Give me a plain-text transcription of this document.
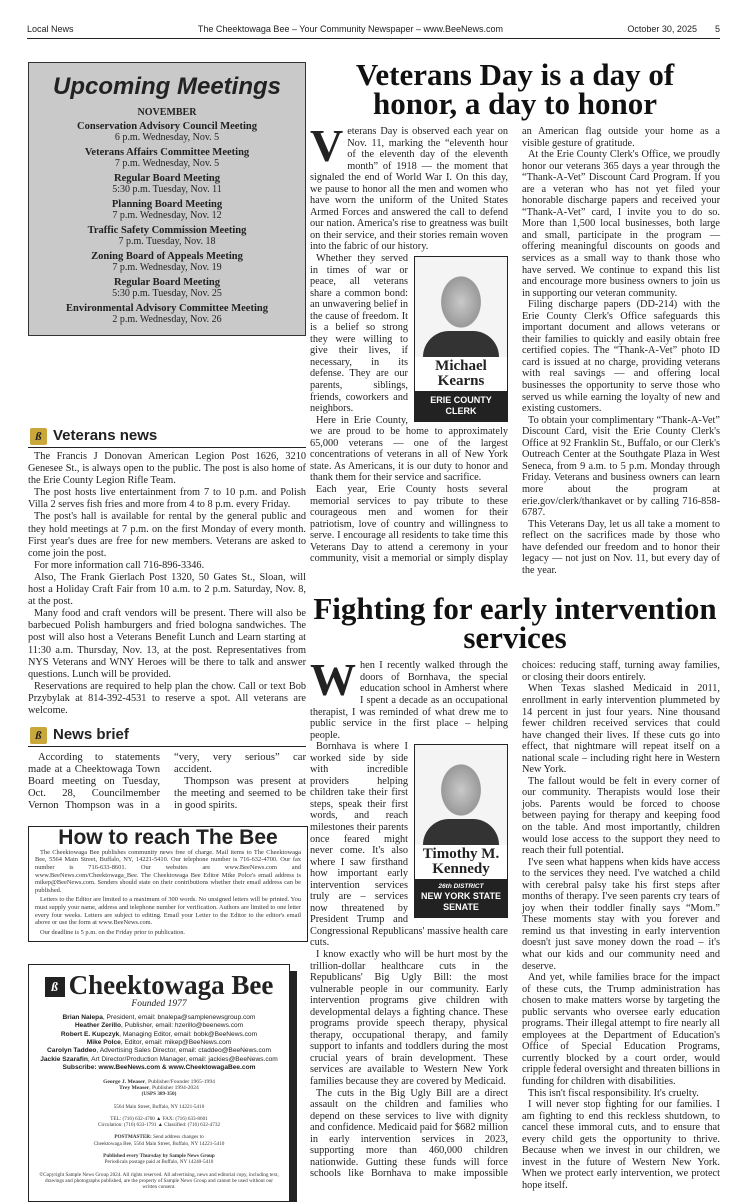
Local News	The Cheektowaga Bee – Your Community Newspaper – www.BeeNews.com	October 30, 2025 5
Upcoming Meetings
NOVEMBER
Conservation Advisory Council Meeting
6 p.m. Wednesday, Nov. 5
Veterans Affairs Committee Meeting
7 p.m. Wednesday, Nov. 5
Regular Board Meeting
5:30 p.m. Tuesday, Nov. 11
Planning Board Meeting
7 p.m. Wednesday, Nov. 12
Traffic Safety Commission Meeting
7 p.m. Tuesday, Nov. 18
Zoning Board of Appeals Meeting
7 p.m. Wednesday, Nov. 19
Regular Board Meeting
5:30 p.m. Tuesday, Nov. 25
Environmental Advisory Committee Meeting
2 p.m. Wednesday, Nov. 26
ß Veterans news

The Francis J Donovan American Legion Post 1626, 3210 Genesee St., is always open to the public. The post is also home of the Erie County Legion Rifle Team.

The post hosts live entertainment from 7 to 10 p.m. and Polish Villa 2 serves fish fries and more from 4 to 8 p.m. every Friday.

The post's hall is available for rental by the general public and they hold meetings at 7 p.m. on the first Monday of every month. First year's dues are free for new members. Veterans are asked to come join the post.

For more information call 716-896-3346.

Also, The Frank Gierlach Post 1320, 50 Gates St., Sloan, will host a Holiday Craft Fair from 10 a.m. to 2 p.m. Saturday, Nov. 8, at the post.

Many food and craft vendors will be present. There will also be barbecued Polish hamburgers and fried bologna sandwiches. The post will also host a Veterans Benefit Lunch and Learn starting at 11:30 a.m. Thursday, Nov. 13, at the post. Representatives from NYS Veterans and WNY Heroes will be there to talk and answer questions. Lunch will be provided.

Reservations are required to help plan the chow. Call or text Bob Przybylak at 814-392-4531 to reserve a spot. All veterans are welcome.

ß News brief

According to statements made at a Cheektowaga Town Board meeting on Tuesday, Oct. 28, Councilmember Vernon Thompson was in a “very, very serious” car accident.

Thompson was present at the meeting and seemed to be in good spirits.

How to reach The Bee

The Cheektowaga Bee publishes community news free of charge. Mail items to The Cheektowaga Bee, 5564 Main Street, Buffalo, NY, 14221-5410. Our telephone number is 716-632-4700. Our fax number is 716-633-8601. Our websites are www.BeeNews.com and www.BeeNews.com/Cheektowaga_Bee. The Cheektowaga Bee Editor Mike Polce's email address is mikep@BeeNews.com. Senders should state on their contributions whether their email address can be published.

Letters to the Editor are limited to a maximum of 300 words. No unsigned letters will be printed. You must supply your name, address and telephone number for verification. Authors are limited to one letter every four weeks. Letters are subject to editing. Email your Letter to the Editor to the editor's email above or use the form at www.BeeNews.com.

Our deadline is 5 p.m. on the Friday prior to publication.

ß Cheektowaga Bee
Founded 1977
Brian Nalepa, President, email: bnalepa@samplenewsgroup.com
Heather Zerillo, Publisher, email: hzerillo@beenews.com
Robert E. Kupczyk, Managing Editor, email: bobk@BeeNews.com
Mike Polce, Editor, email: mikep@BeeNews.com
Carolyn Taddeo, Advertising Sales Director, email: ctaddeo@BeeNews.com
Jackie Szarafin, Art Director/Production Manager, email: jackies@BeeNews.com
Subscribe: www.BeeNews.com & www.CheektowagaBee.com
George J. Measer, Publisher/Founder 1965-1994
Trey Measer, Publisher 1994-2024
(USPS 389-350)
5564 Main Street, Buffalo, NY 14221-5410
TEL: (716) 632-4700 ▲ FAX: (716) 633-8601
Circulation: (716) 633-1791 ▲ Classified: (716) 632-4732
POSTMASTER: Send address changes to
Cheektowaga Bee, 5564 Main Street, Buffalo, NY 14221-5410
Published every Thursday by Sample News Group
Periodicals postage paid at Buffalo, NY 14240-5410
©Copyright Sample News Group 2024. All rights reserved. All advertising, news and editorial copy, including text, drawings and photographs published, are the property of Sample News Group and cannot be used without our written consent.
Veterans Day is a day of honor, a day to honor

Veterans Day is observed each year on Nov. 11, marking the “eleventh hour of the eleventh day of the eleventh month” of 1918 — the moment that signaled the end of World War I. On this day, we pause to honor all the men and women who have worn the uniform of the United States Armed Forces and answered the call to defend our nation. America's rise to greatness was built on their service, and their stories remain woven into the fabric of our history.

Michael Kearns
ERIE COUNTY CLERK

Whether they served in times of war or peace, all veterans share a common bond: an unwavering belief in the cause of freedom. It is a belief so strong they were willing to give their lives, if necessary, in its defense. They are our parents, siblings, friends, coworkers and neighbors.

Here in Erie County, we are proud to be home to approximately 65,000 veterans — one of the largest concentrations of veterans in all of New York state. As Americans, it is our duty to honor and thank them for their service and sacrifice.

Each year, Erie County hosts several memorial services to pay tribute to these courageous men and women for their patriotism, love of country and willingness to serve. I encourage all residents to take time this Veterans Day to attend a ceremony in your community, visit a memorial or simply display an American flag outside your home as a visible gesture of gratitude.

At the Erie County Clerk's Office, we proudly honor our veterans 365 days a year through the “Thank-A-Vet” Discount Card Program. If you are a veteran who has not yet filed your honorable discharge papers and received your “Thank-A-Vet” card, I invite you to do so. More than 1,500 local businesses, both large and small, participate in the program — offering meaningful discounts on goods and services as a small way to thank those who have served. We continue to expand this list and encourage more business owners to join us in supporting our veteran community.

Filing discharge papers (DD-214) with the Erie County Clerk's Office safeguards this important document and allows veterans or their families to quickly and easily obtain free certified copies. The “Thank-A-Vet” photo ID card is issued at no charge, providing veterans with real savings — and offering local businesses the opportunity to serve those who served us while earning the loyalty of new and existing customers.

To obtain your complimentary “Thank-A-Vet” Discount Card, visit the Erie County Clerk's Office at 92 Franklin St., Buffalo, or our Clerk's Outreach Center at the Southgate Plaza in West Seneca, from 9 a.m. to 5 p.m. Monday through Friday. Veterans and business owners can learn more about the program at erie.gov/clerk/thankavet or by calling 716-858-6787.

This Veterans Day, let us all take a moment to reflect on the sacrifices made by those who have defended our freedom and to honor their legacy — not just on Nov. 11, but every day of the year.

Fighting for early intervention services

When I recently walked through the doors of Bornhava, the special education school in Amherst where I spent a decade as an occupational therapist, I was reminded of what drew me to public service in the first place – helping people.

Timothy M. Kennedy
26th DISTRICT
NEW YORK STATE SENATE

Bornhava is where I worked side by side with incredible providers helping children take their first steps, speak their first words, and reach milestones their parents once feared might never come. It's also where I saw firsthand how important early intervention services truly are – services now threatened by President Trump and Congressional Republicans' massive health care cuts.

I know exactly who will be hurt most by the trillion-dollar healthcare cuts in the Republicans' Big Ugly Bill: the most vulnerable people in our community. Early intervention programs give children with developmental delays a fighting chance. These programs provide speech therapy, physical therapy, occupational therapy, and family support to infants and toddlers during the most crucial years of brain development. These services are available to Western New York families because they are covered by Medicaid.

The cuts in the Big Ugly Bill are a direct assault on the children and families who depend on these services to live with dignity and confidence. Medicaid paid for $682 million in early intervention services in 2023, supporting more than 460,000 children nationwide. Gutting these funds will force schools like Bornhava to make impossible choices: reducing staff, turning away families, or closing their doors entirely.

When Texas slashed Medicaid in 2011, enrollment in early intervention plummeted by 14 percent in just four years. Nine thousand fewer children received services that could have changed their lives. If these cuts go into effect, that nightmare will repeat itself on a national scale – including right here in Western New York.

The fallout would be felt in every corner of our community. Therapists would lose their jobs. Parents would be forced to choose between paying for therapy and keeping food on the table. And most importantly, children would lose access to the support they need to reach their full potential.

I've seen what happens when kids have access to the services they need. I've watched a child with cerebral palsy take his first steps after months of therapy. I've seen parents cry tears of joy when their toddler finally says “Mom.” These moments stay with you forever and remind us that investing in early intervention doesn't just save money down the road – it's what our kids and our community need and deserve.

And yet, while families brace for the impact of these cuts, the Trump administration has chosen to make matters worse by targeting the public servants who oversee early education programs. Their illegal attempt to fire nearly all employees at the Department of Education's Office of Special Education Programs, currently blocked by a court order, would cripple federal oversight and threaten billions in funding for children with disabilities.

This isn't fiscal responsibility. It's cruelty.

I will never stop fighting for our families. I am fighting to end this reckless shutdown, to cancel these immoral cuts, and to ensure that every child gets the opportunity to thrive. Because when we invest in our children, we invest in the future of Western New York. When we protect early intervention, we protect hope itself.
